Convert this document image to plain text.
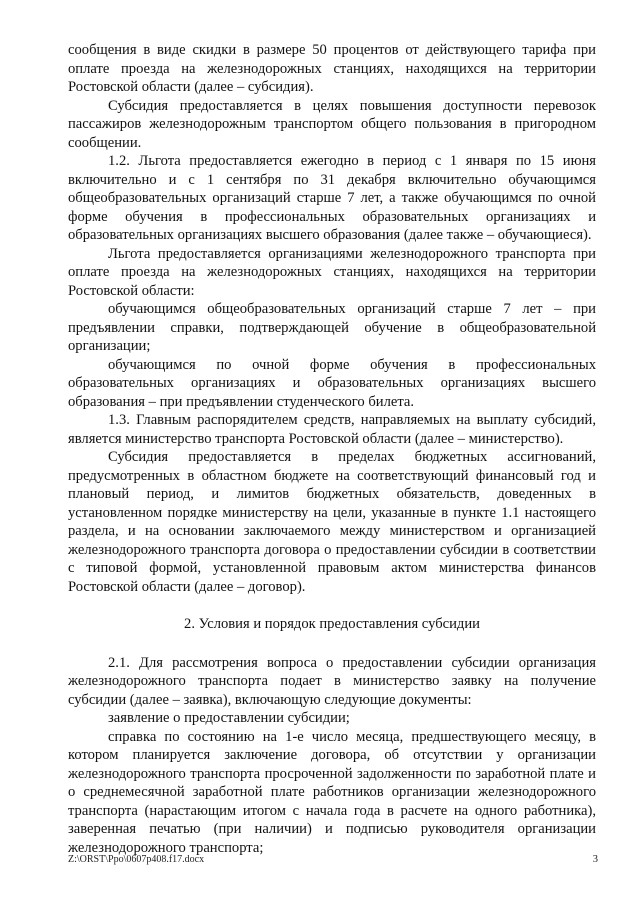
сообщения в виде скидки в размере 50 процентов от действующего тарифа при оплате проезда на железнодорожных станциях, находящихся на территории Ростовской области (далее – субсидия).

Субсидия предоставляется в целях повышения доступности перевозок пассажиров железнодорожным транспортом общего пользования в пригородном сообщении.

1.2. Льгота предоставляется ежегодно в период с 1 января по 15 июня включительно и с 1 сентября по 31 декабря включительно обучающимся общеобразовательных организаций старше 7 лет, а также обучающимся по очной форме обучения в профессиональных образовательных организациях и образовательных организациях высшего образования (далее также – обучающиеся).

Льгота предоставляется организациями железнодорожного транспорта при оплате проезда на железнодорожных станциях, находящихся на территории Ростовской области:

обучающимся общеобразовательных организаций старше 7 лет – при предъявлении справки, подтверждающей обучение в общеобразовательной организации;

обучающимся по очной форме обучения в профессиональных образовательных организациях и образовательных организациях высшего образования – при предъявлении студенческого билета.

1.3. Главным распорядителем средств, направляемых на выплату субсидий, является министерство транспорта Ростовской области (далее – министерство).

Субсидия предоставляется в пределах бюджетных ассигнований, предусмотренных в областном бюджете на соответствующий финансовый год и плановый период, и лимитов бюджетных обязательств, доведенных в установленном порядке министерству на цели, указанные в пункте 1.1 настоящего раздела, и на основании заключаемого между министерством и организацией железнодорожного транспорта договора о предоставлении субсидии в соответствии с типовой формой, установленной правовым актом министерства финансов Ростовской области (далее – договор).

2. Условия и порядок предоставления субсидии

2.1. Для рассмотрения вопроса о предоставлении субсидии организация железнодорожного транспорта подает в министерство заявку на получение субсидии (далее – заявка), включающую следующие документы:

заявление о предоставлении субсидии;

справка по состоянию на 1-е число месяца, предшествующего месяцу, в котором планируется заключение договора, об отсутствии у организации железнодорожного транспорта просроченной задолженности по заработной плате и о среднемесячной заработной плате работников организации железнодорожного транспорта (нарастающим итогом с начала года в расчете на одного работника), заверенная печатью (при наличии) и подписью руководителя организации железнодорожного транспорта;

Z:\ORST\Ppo\0607p408.f17.docx	3
